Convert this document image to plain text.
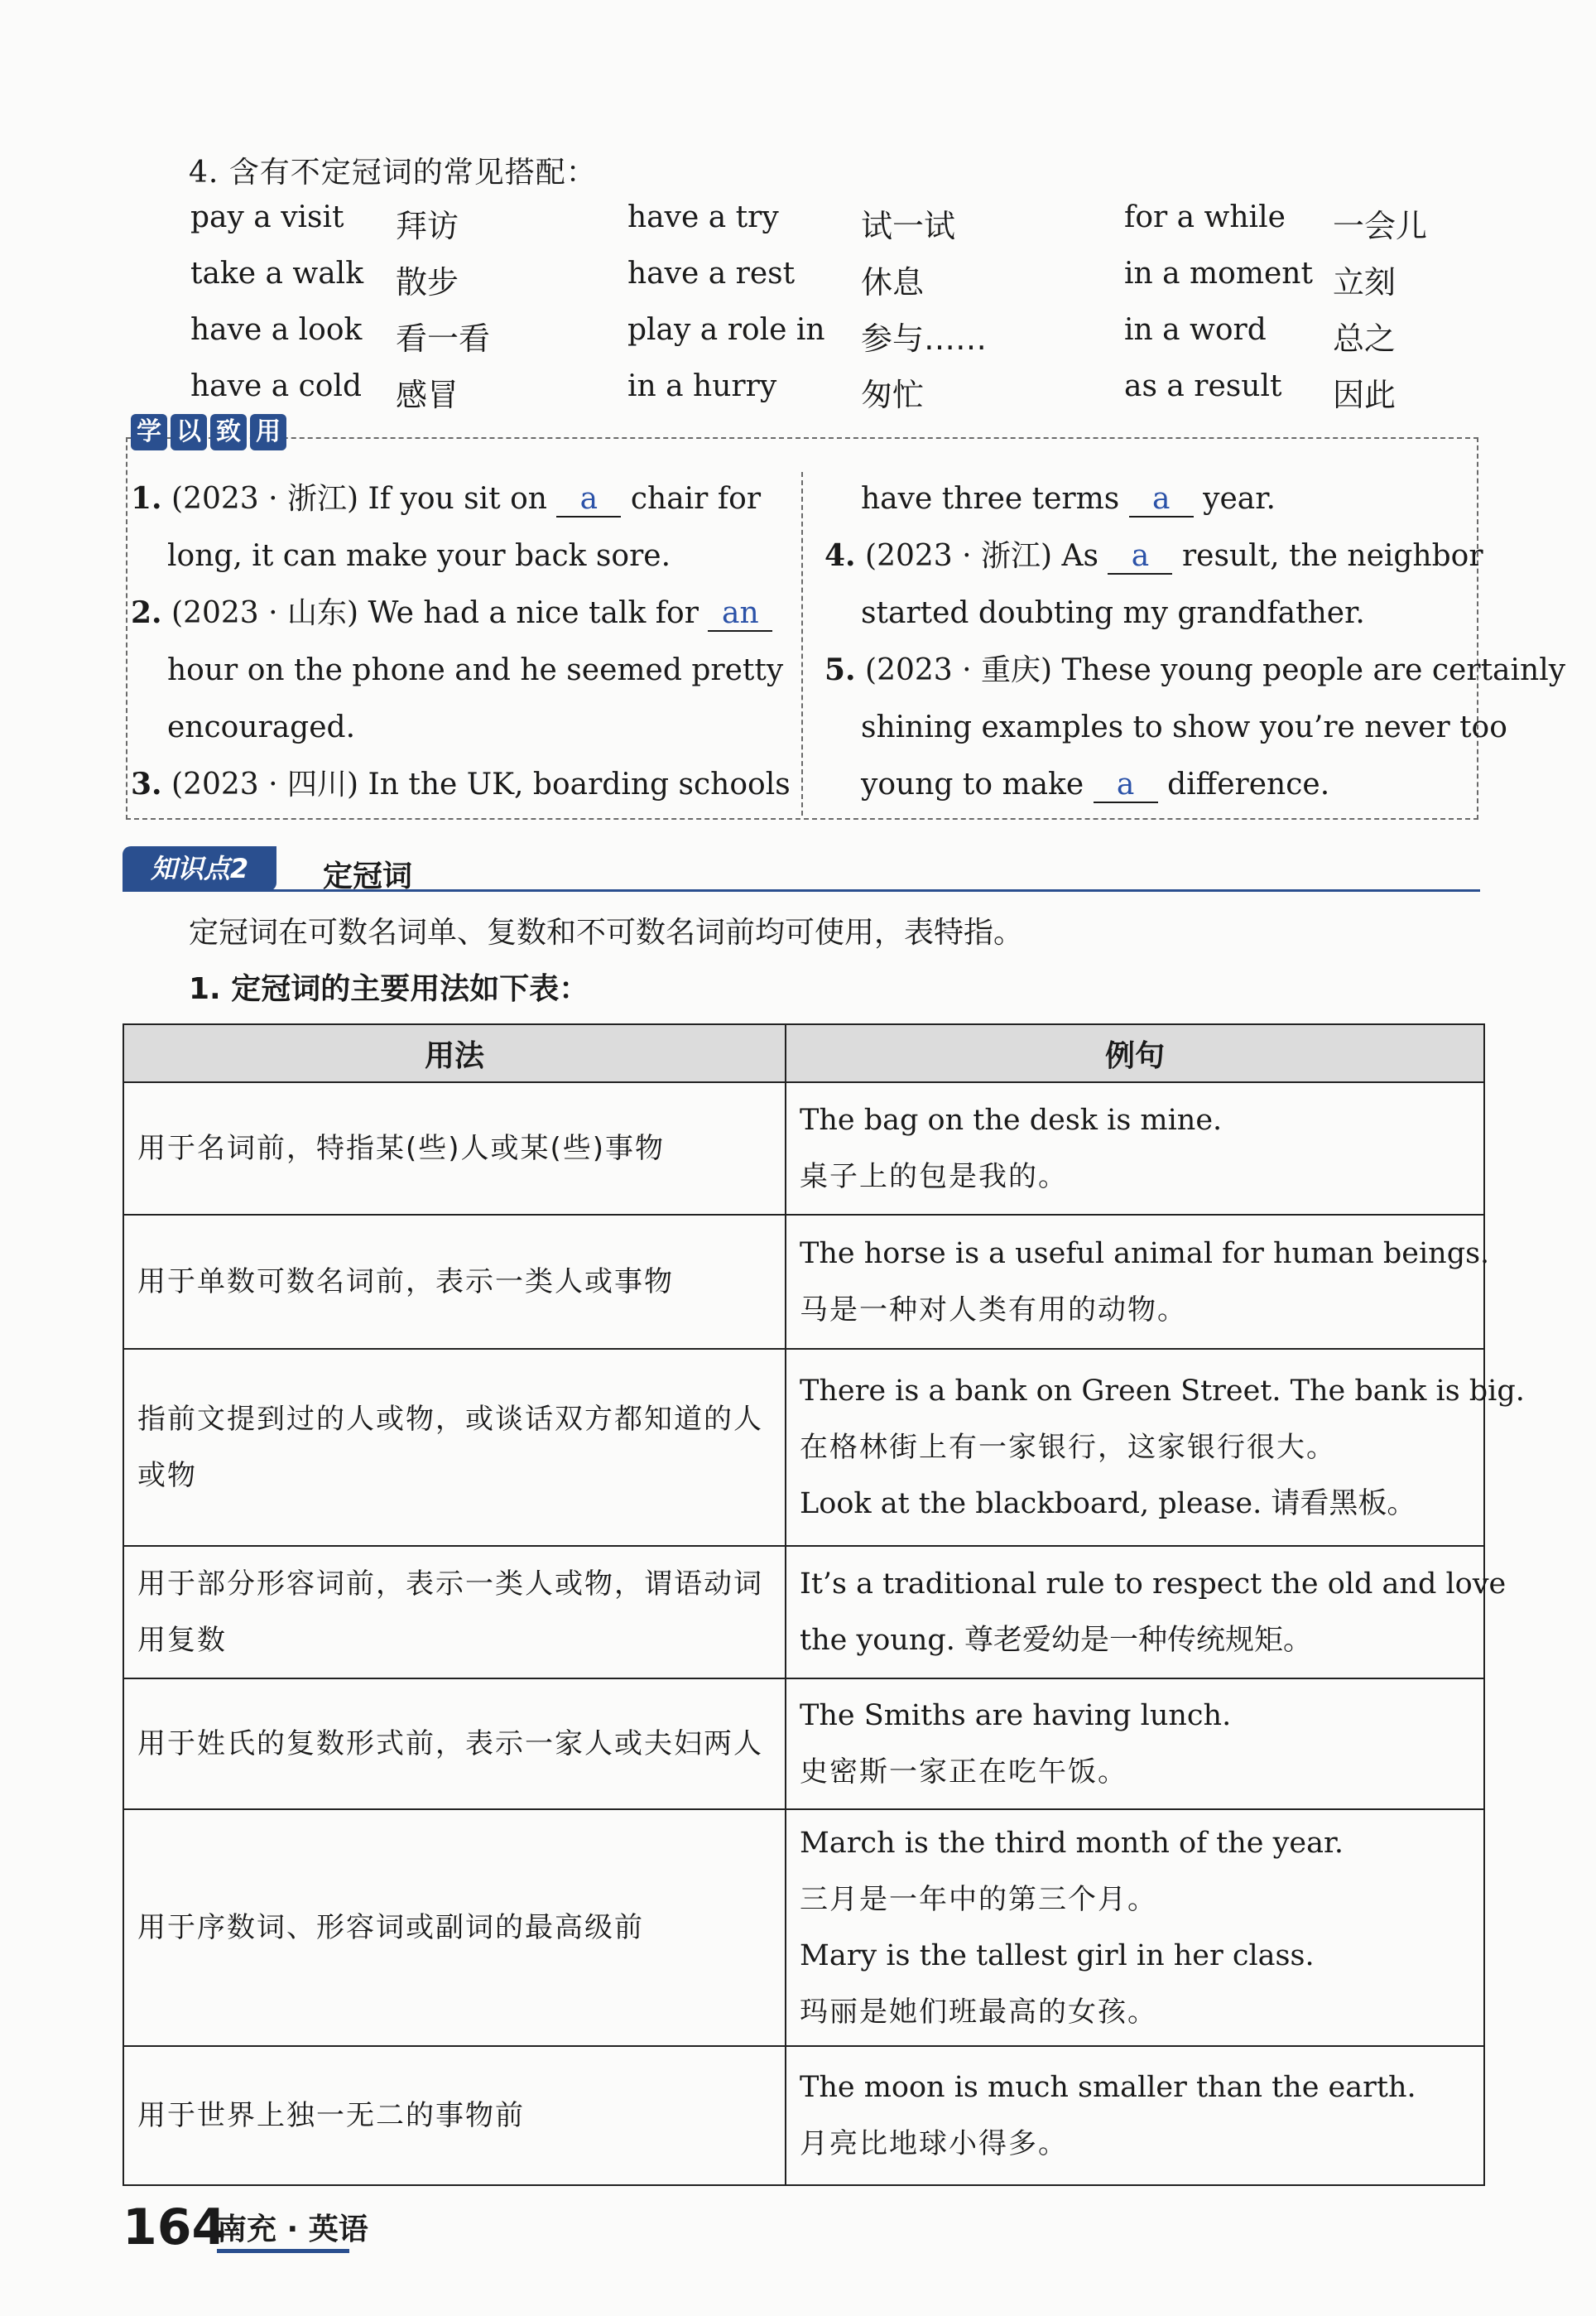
4. 含有不定冠词的常见搭配：
pay a visit 拜访	have a try	试一试	for a while 一会儿
take a walk 散步	have a rest 休息	in a moment 立刻
have a look 看一看	play a role in 参与……	in a word 总之
have a cold 感冒	in a hurry	匆忙	as a result 因此
学 以 致 用
1. (2023 · 浙江) If you sit on a chair for
long, it can make your back sore.
2. (2023 · 山东) We had a nice talk for an
hour on the phone and he seemed pretty
encouraged.
3. (2023 · 四川) In the UK, boarding schools
have three terms a year.
4. (2023 · 浙江) As a result, the neighbor
started doubting my grandfather.
5. (2023 · 重庆) These young people are certainly
shining examples to show you’re never too
young to make a difference.
知识点2	定冠词
定冠词在可数名词单、复数和不可数名词前均可使用，表特指。
1. 定冠词的主要用法如下表：
用法	例句
用于名词前，特指某(些)人或某(些)事物	The bag on the desk is mine.
桌子上的包是我的。

用于单数可数名词前，表示一类人或事物	The horse is a useful animal for human beings.
马是一种对人类有用的动物。

指前文提到过的人或物，或谈话双方都知道的人或物	There is a bank on Green Street. The bank is big.
在格林街上有一家银行，这家银行很大。
Look at the blackboard, please. 请看黑板。

用于部分形容词前，表示一类人或物，谓语动词用复数	It’s a traditional rule to respect the old and love
the young. 尊老爱幼是一种传统规矩。

用于姓氏的复数形式前，表示一家人或夫妇两人	The Smiths are having lunch.
史密斯一家正在吃午饭。

用于序数词、形容词或副词的最高级前	March is the third month of the year.
三月是一年中的第三个月。
Mary is the tallest girl in her class.
玛丽是她们班最高的女孩。

用于世界上独一无二的事物前	The moon is much smaller than the earth.
月亮比地球小得多。
164
南充 · 英语
